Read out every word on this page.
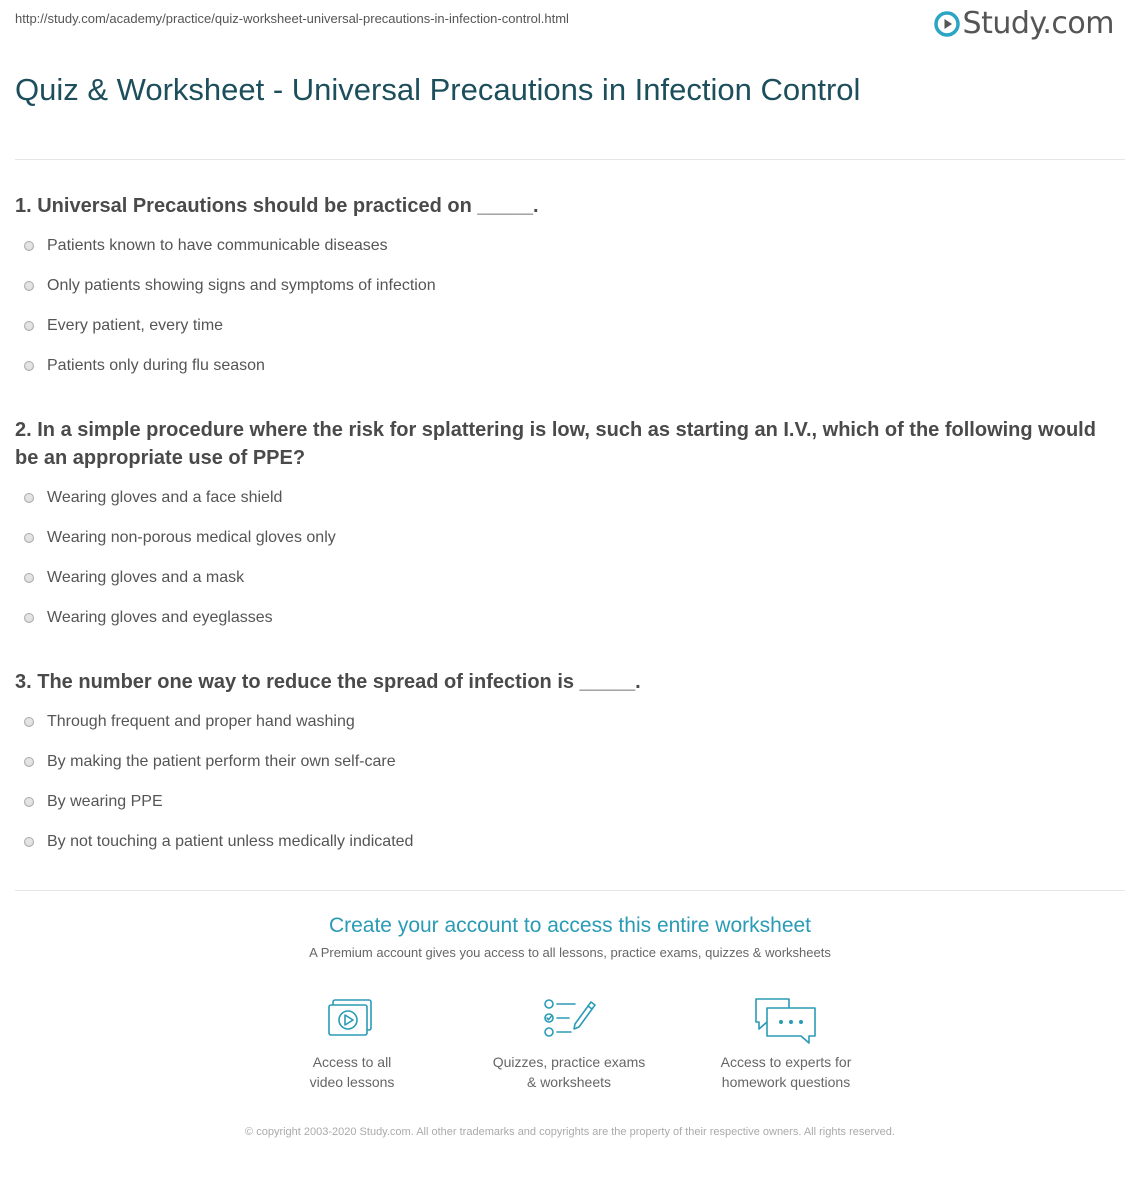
http://study.com/academy/practice/quiz-worksheet-universal-precautions-in-infection-control.html	Study.com
Quiz & Worksheet - Universal Precautions in Infection Control
1. Universal Precautions should be practiced on _____.
Patients known to have communicable diseases
Only patients showing signs and symptoms of infection
Every patient, every time
Patients only during flu season
2. In a simple procedure where the risk for splattering is low, such as starting an I.V., which of the following would be an appropriate use of PPE?
Wearing gloves and a face shield
Wearing non-porous medical gloves only
Wearing gloves and a mask
Wearing gloves and eyeglasses
3. The number one way to reduce the spread of infection is _____.
Through frequent and proper hand washing
By making the patient perform their own self-care
By wearing PPE
By not touching a patient unless medically indicated
Create your account to access this entire worksheet
A Premium account gives you access to all lessons, practice exams, quizzes & worksheets
Access to all
video lessons
Quizzes, practice exams
& worksheets
Access to experts for
homework questions
© copyright 2003-2020 Study.com. All other trademarks and copyrights are the property of their respective owners. All rights reserved.
